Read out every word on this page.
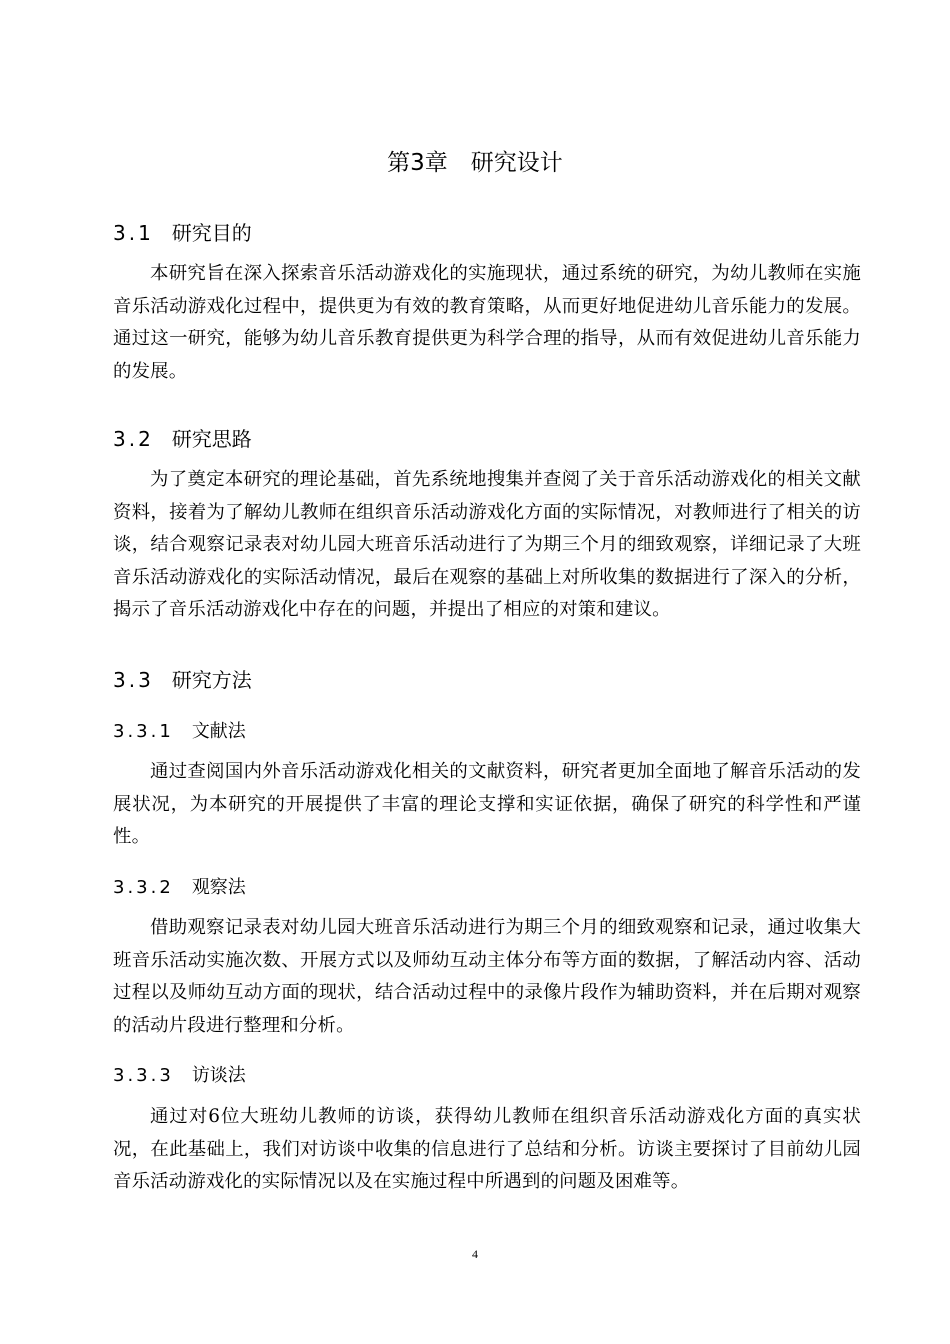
第3章　研究设计
3.1 研究目的

本研究旨在深入探索音乐活动游戏化的实施现状，通过系统的研究，为幼儿教师在实施音乐活动游戏化过程中，提供更为有效的教育策略，从而更好地促进幼儿音乐能力的发展。通过这一研究，能够为幼儿音乐教育提供更为科学合理的指导，从而有效促进幼儿音乐能力的发展。

3.2 研究思路

为了奠定本研究的理论基础，首先系统地搜集并查阅了关于音乐活动游戏化的相关文献资料，接着为了解幼儿教师在组织音乐活动游戏化方面的实际情况，对教师进行了相关的访谈，结合观察记录表对幼儿园大班音乐活动进行了为期三个月的细致观察，详细记录了大班音乐活动游戏化的实际活动情况，最后在观察的基础上对所收集的数据进行了深入的分析，揭示了音乐活动游戏化中存在的问题，并提出了相应的对策和建议。

3.3 研究方法
3.3.1 文献法

通过查阅国内外音乐活动游戏化相关的文献资料，研究者更加全面地了解音乐活动的发展状况，为本研究的开展提供了丰富的理论支撑和实证依据，确保了研究的科学性和严谨性。

3.3.2 观察法

借助观察记录表对幼儿园大班音乐活动进行为期三个月的细致观察和记录，通过收集大班音乐活动实施次数、开展方式以及师幼互动主体分布等方面的数据，了解活动内容、活动过程以及师幼互动方面的现状，结合活动过程中的录像片段作为辅助资料，并在后期对观察的活动片段进行整理和分析。

3.3.3 访谈法

通过对6位大班幼儿教师的访谈，获得幼儿教师在组织音乐活动游戏化方面的真实状况，在此基础上，我们对访谈中收集的信息进行了总结和分析。访谈主要探讨了目前幼儿园音乐活动游戏化的实际情况以及在实施过程中所遇到的问题及困难等。

4
